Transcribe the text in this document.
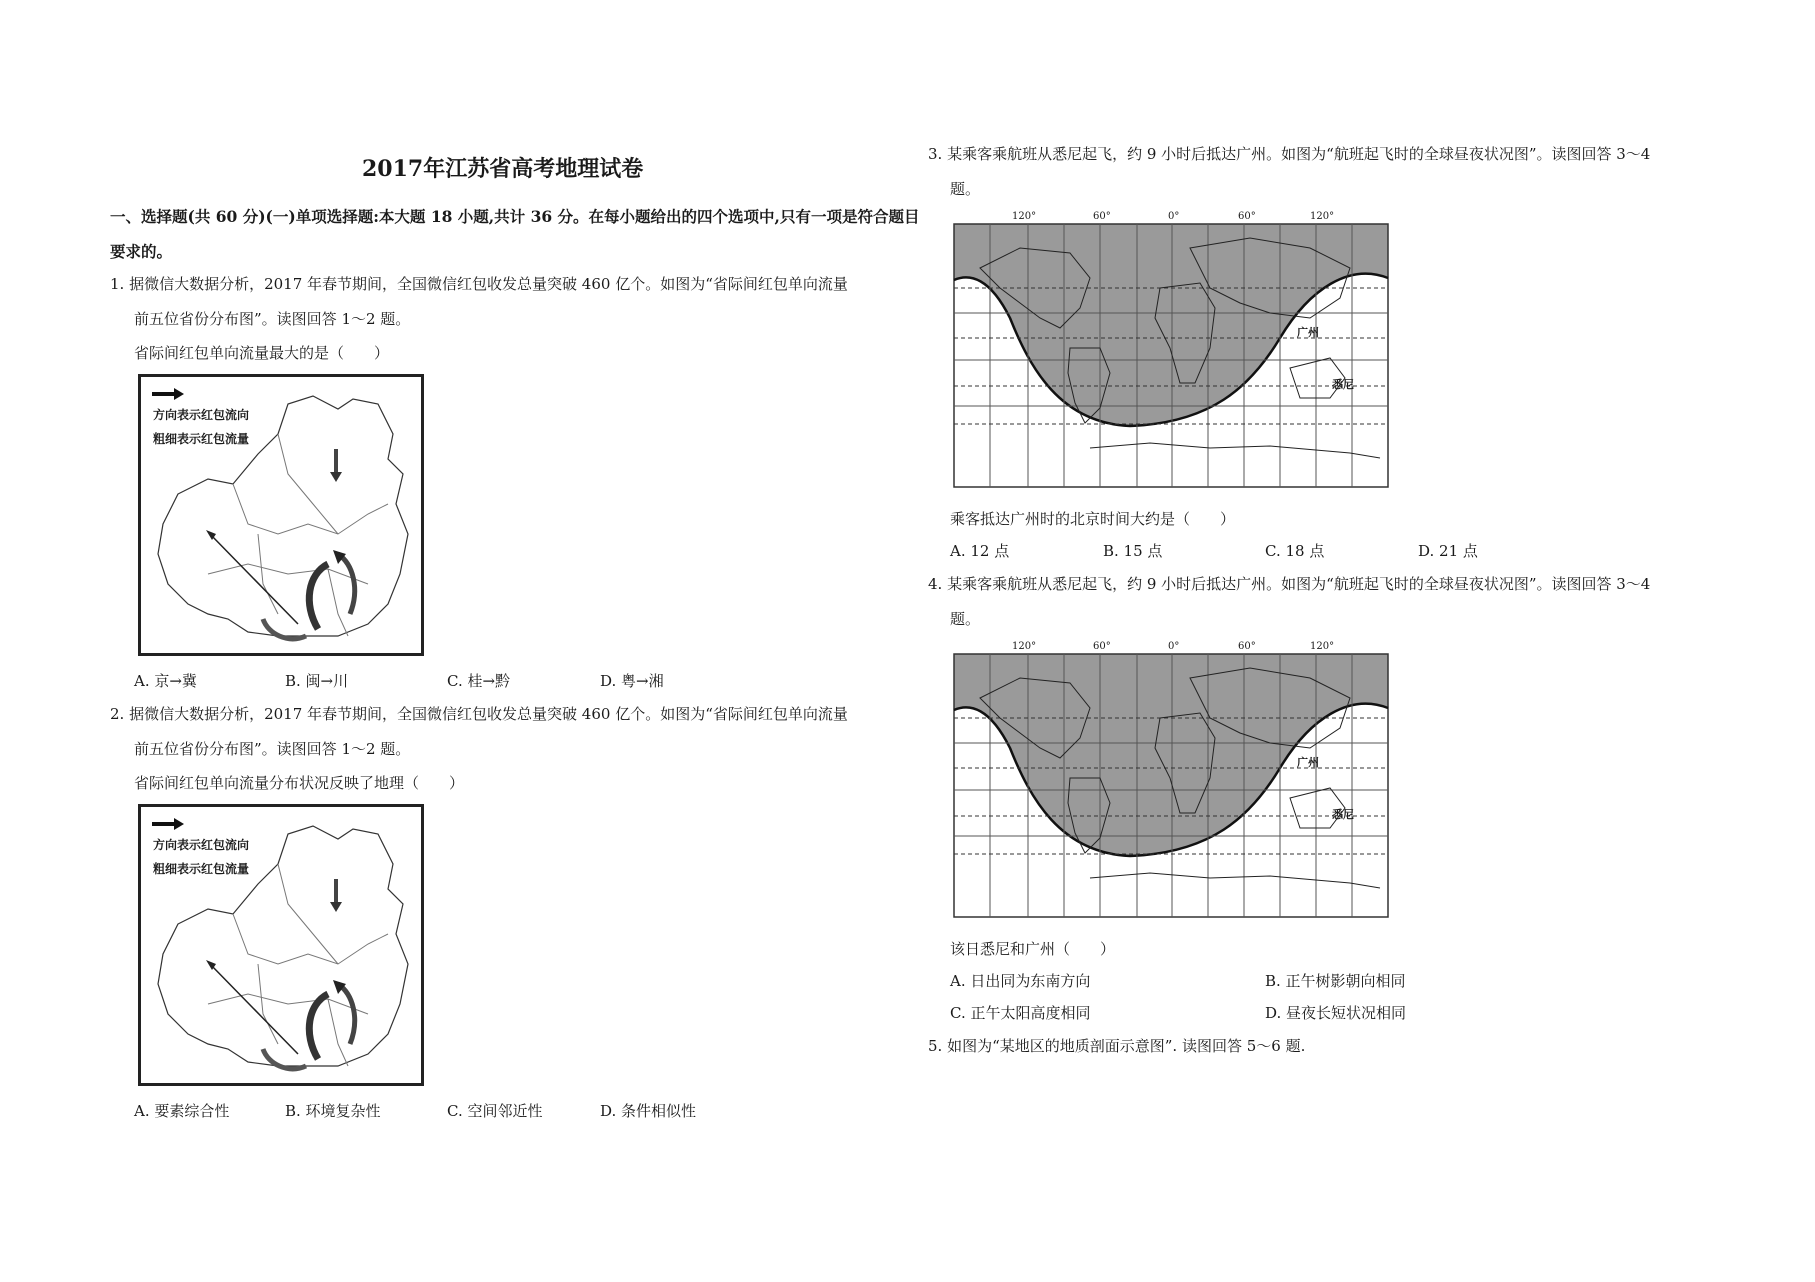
2017年江苏省高考地理试卷
一、选择题(共 60 分)(一)单项选择题:本大题 18 小题,共计 36 分。在每小题给出的四个选项中,只有一项是符合题目
要求的。
1. 据微信大数据分析，2017 年春节期间，全国微信红包收发总量突破 460 亿个。如图为“省际间红包单向流量
前五位省份分布图”。读图回答 1～2 题。
省际间红包单向流量最大的是（　　）
方向表示红包流向
粗细表示红包流量
A. 京→冀	B. 闽→川	C. 桂→黔	D. 粤→湘
2. 据微信大数据分析，2017 年春节期间，全国微信红包收发总量突破 460 亿个。如图为“省际间红包单向流量
前五位省份分布图”。读图回答 1～2 题。
省际间红包单向流量分布状况反映了地理（　　）
方向表示红包流向
粗细表示红包流量
A. 要素综合性	B. 环境复杂性	C. 空间邻近性	D. 条件相似性
3. 某乘客乘航班从悉尼起飞，约 9 小时后抵达广州。如图为“航班起飞时的全球昼夜状况图”。读图回答 3～4
题。
120°	60°	0°	60°	120°
广州
悉尼
乘客抵达广州时的北京时间大约是（　　）
A. 12 点	B. 15 点	C. 18 点	D. 21 点
4. 某乘客乘航班从悉尼起飞，约 9 小时后抵达广州。如图为“航班起飞时的全球昼夜状况图”。读图回答 3～4
题。
120°	60°	0°	60°	120°
广州
悉尼
该日悉尼和广州（　　）
A. 日出同为东南方向	B. 正午树影朝向相同
C. 正午太阳高度相同	D. 昼夜长短状况相同
5. 如图为“某地区的地质剖面示意图”. 读图回答 5～6 题.
